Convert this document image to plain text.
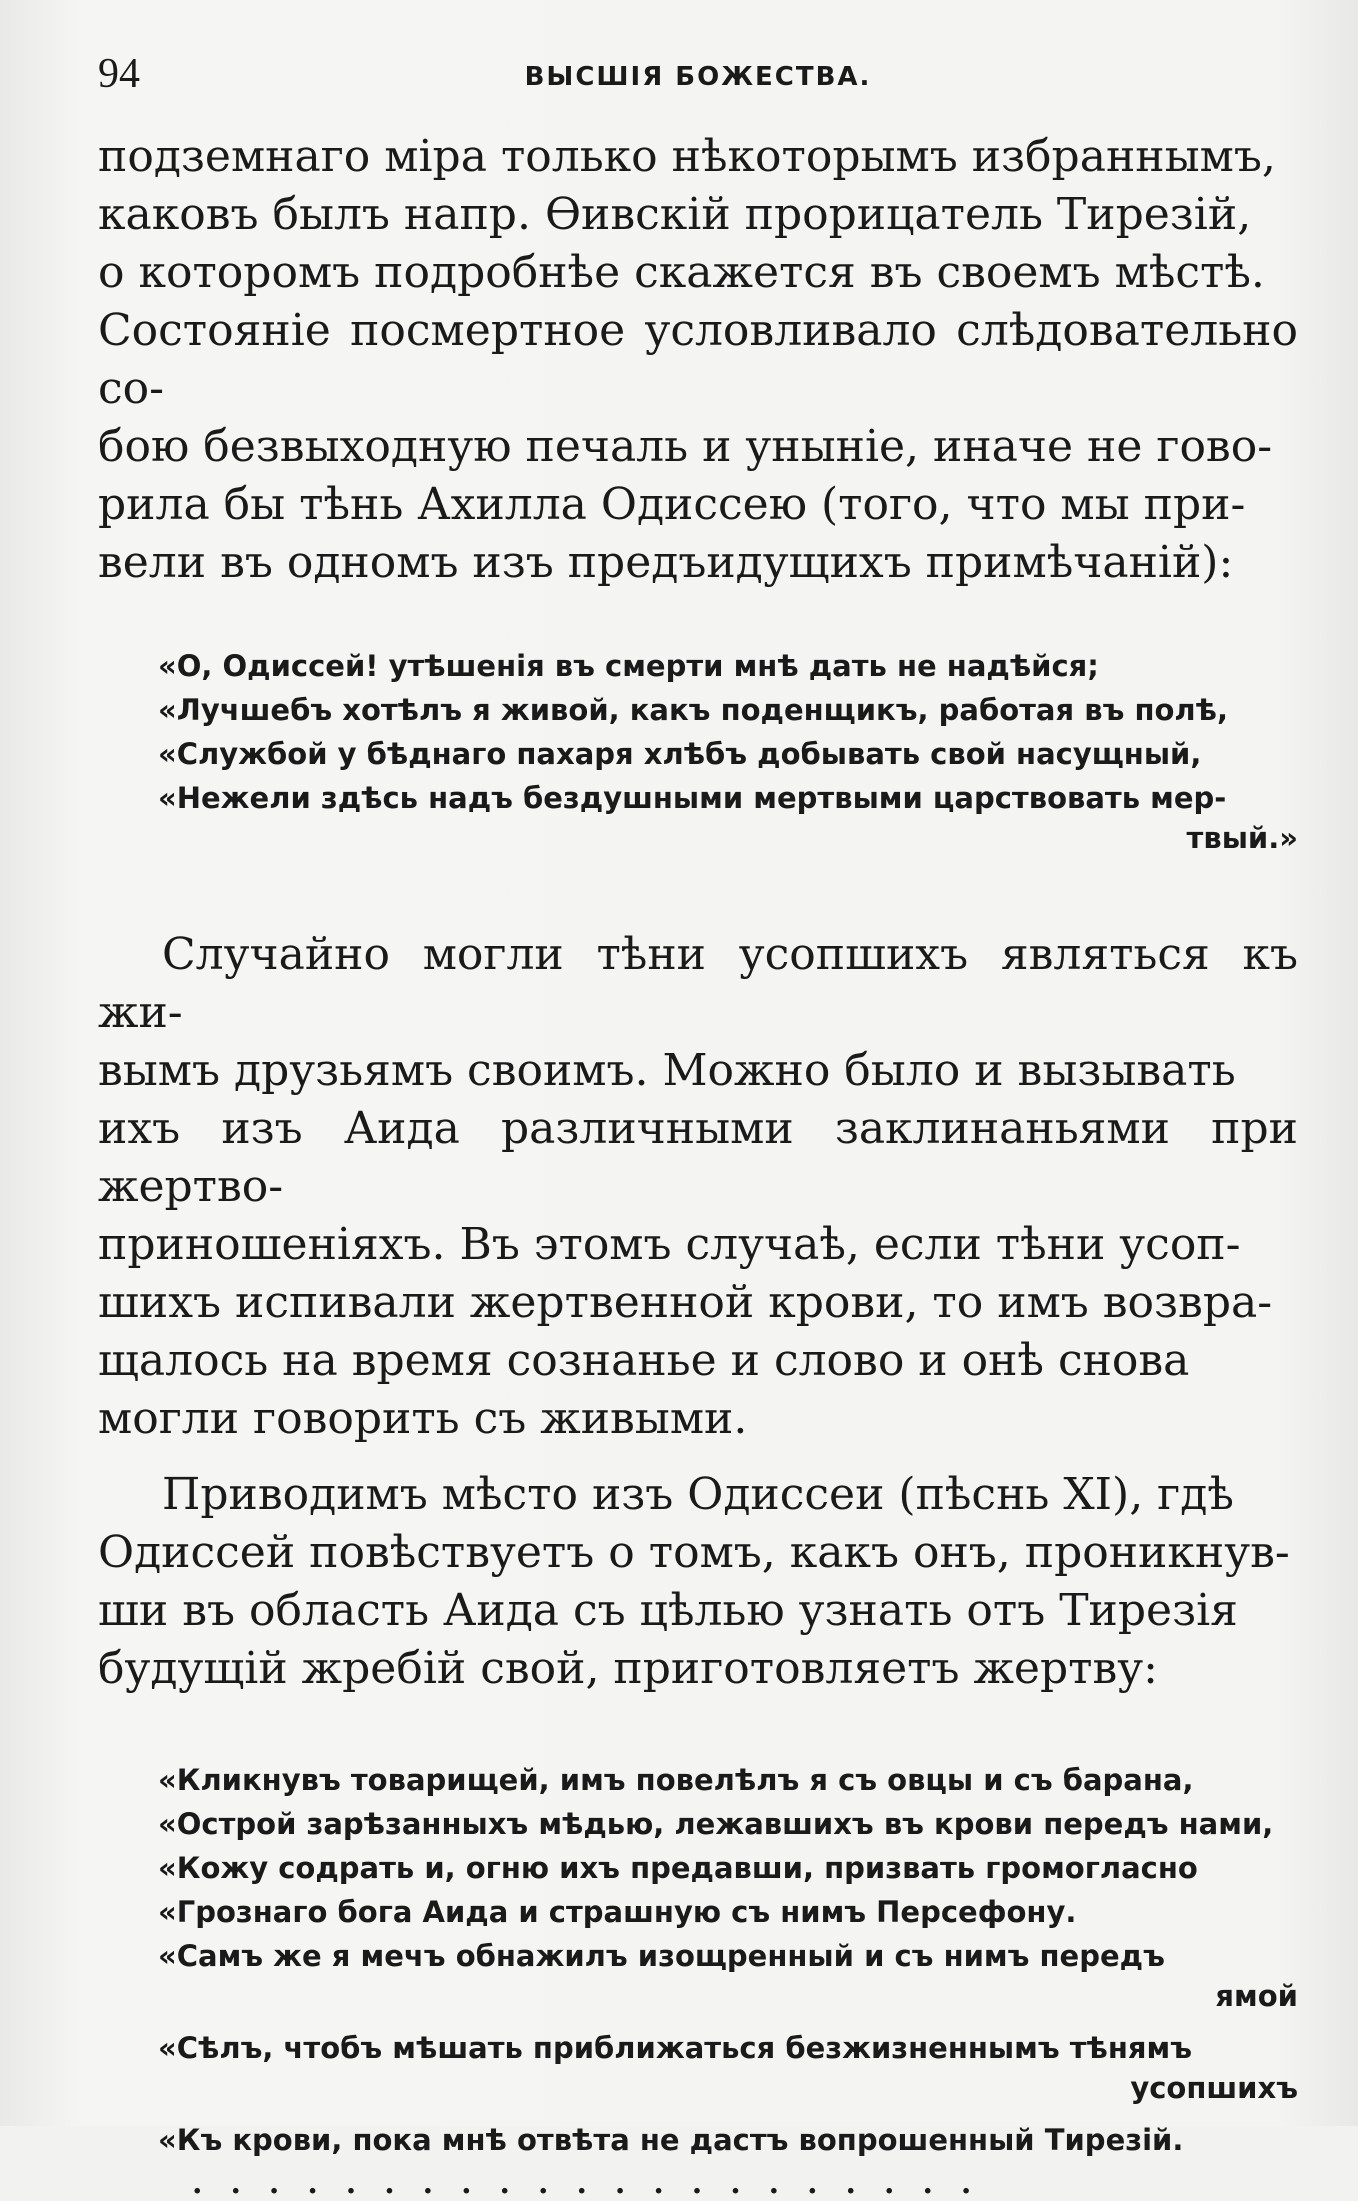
94	ВЫСШІЯ БОЖЕСТВА.

подземнаго міра только нѣкоторымъ избраннымъ,

каковъ былъ напр. Ѳивскій прорицатель Тирезій,

о которомъ подробнѣе скажется въ своемъ мѣстѣ.

Состояніе посмертное условливало слѣдовательно со-

бою безвыходную печаль и уныніе, иначе не гово-

рила бы тѣнь Ахилла Одиссею (того, что мы при-

вели въ одномъ изъ предъидущихъ примѣчаній):

«О, Одиссей! утѣшенія въ смерти мнѣ дать не надѣйся;
«Лучшебъ хотѣлъ я живой, какъ поденщикъ, работая въ полѣ,
«Службой у бѣднаго пахаря хлѣбъ добывать свой насущный,
«Нежели здѣсь надъ бездушными мертвыми царствовать мер-
твый.»

Случайно могли тѣни усопшихъ являться къ жи-

вымъ друзьямъ своимъ. Можно было и вызывать

ихъ изъ Аида различными заклинаньями при жертво-

приношеніяхъ. Въ этомъ случаѣ, если тѣни усоп-

шихъ испивали жертвенной крови, то имъ возвра-

щалось на время сознанье и слово и онѣ снова

могли говорить съ живыми.

Приводимъ мѣсто изъ Одиссеи (пѣснь XI), гдѣ

Одиссей повѣствуетъ о томъ, какъ онъ, проникнув-

ши въ область Аида съ цѣлью узнать отъ Тирезія

будущій жребій свой, приготовляетъ жертву:

«Кликнувъ товарищей, имъ повелѣлъ я съ овцы и съ барана,
«Острой зарѣзанныхъ мѣдью, лежавшихъ въ крови передъ нами,
«Кожу содрать и, огню ихъ предавши, призвать громогласно
«Грознаго бога Аида и страшную съ нимъ Персефону.
«Самъ же я мечъ обнажилъ изощренный и съ нимъ передъ
ямой
«Сѣлъ, чтобъ мѣшать приближаться безжизненнымъ тѣнямъ
усопшихъ
«Къ крови, пока мнѣ отвѣта не дастъ вопрошенный Тирезій.
.....................
